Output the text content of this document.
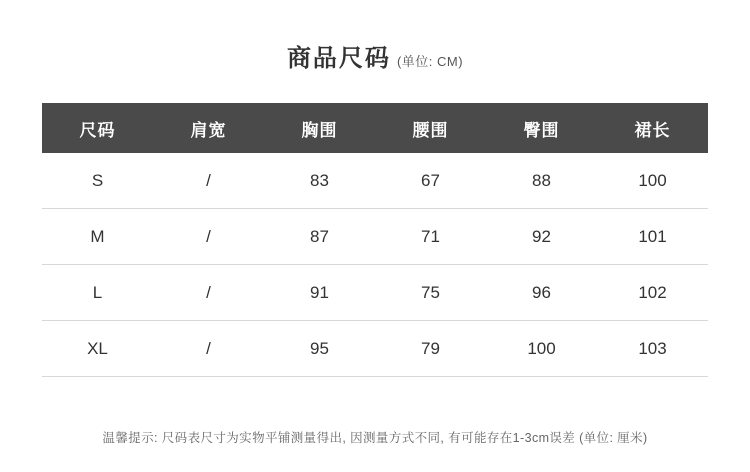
商品尺码 (单位: CM)
尺码	肩宽	胸围	腰围	臀围	裙长
S	/	83	67	88	100
M	/	87	71	92	101
L	/	91	75	96	102
XL	/	95	79	100	103
温馨提示: 尺码表尺寸为实物平铺测量得出, 因测量方式不同, 有可能存在1-3cm误差 (单位: 厘米)
